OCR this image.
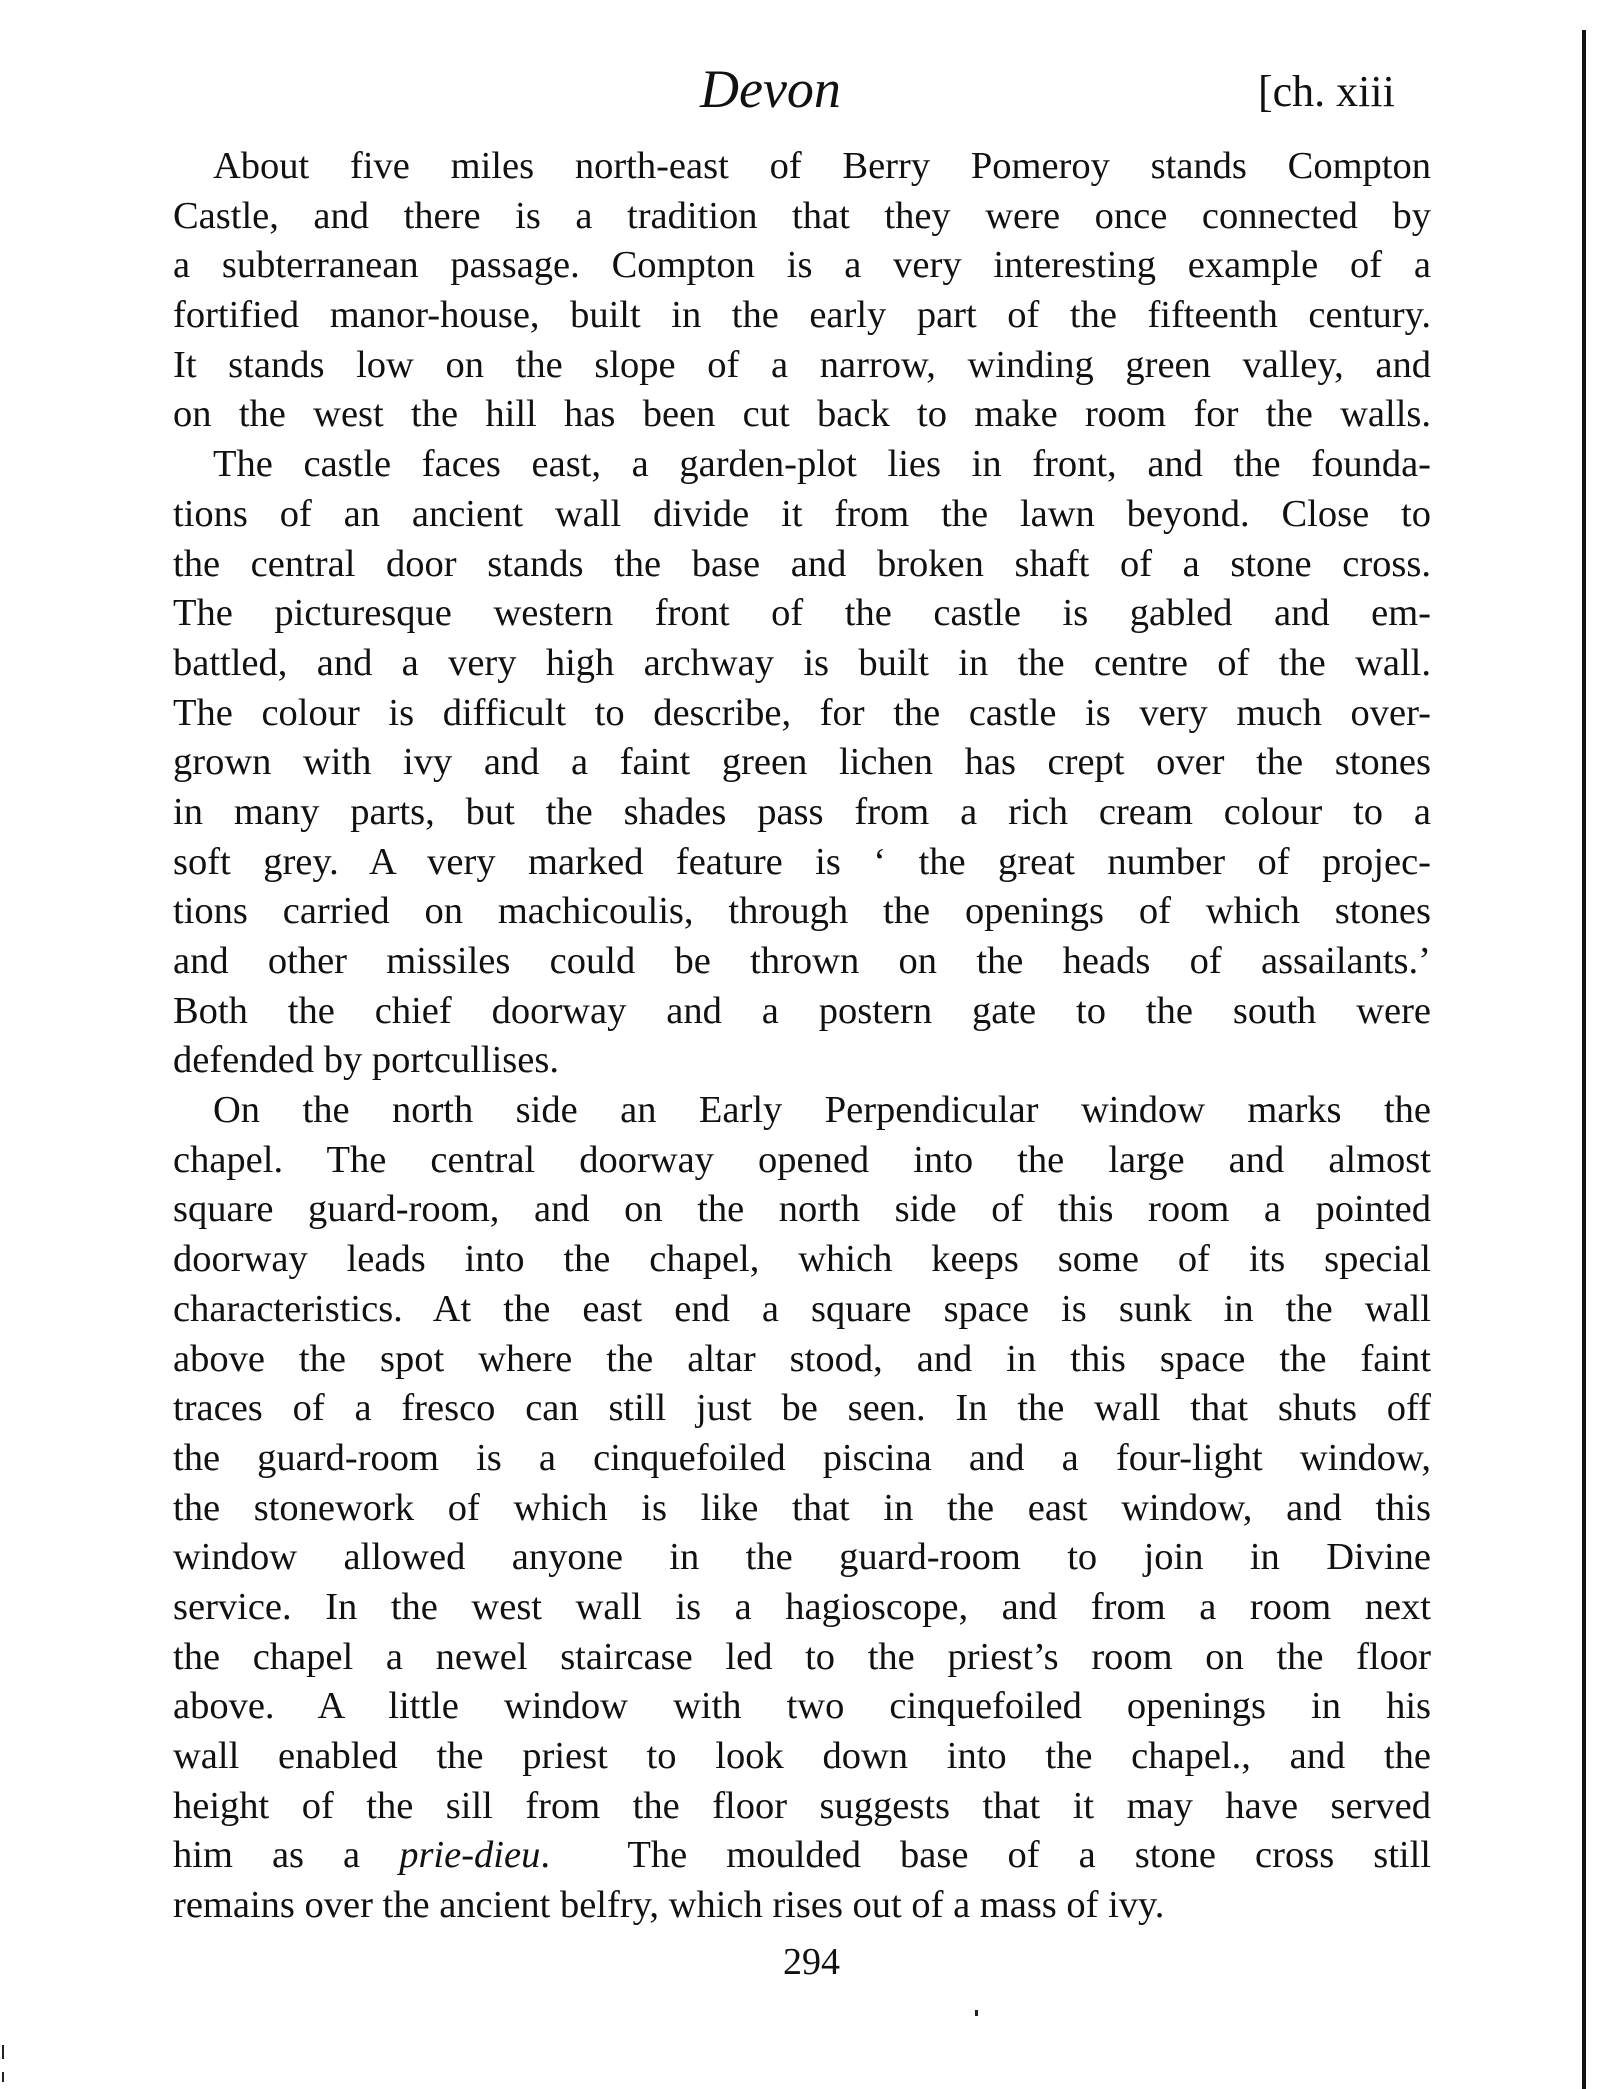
Devon	[ch. xiii
About five miles north-east of Berry Pomeroy stands Compton
Castle, and there is a tradition that they were once connected by
a subterranean passage. Compton is a very interesting example of a
fortified manor-house, built in the early part of the fifteenth century.
It stands low on the slope of a narrow, winding green valley, and
on the west the hill has been cut back to make room for the walls.
The castle faces east, a garden-plot lies in front, and the founda-
tions of an ancient wall divide it from the lawn beyond. Close to
the central door stands the base and broken shaft of a stone cross.
The picturesque western front of the castle is gabled and em-
battled, and a very high archway is built in the centre of the wall.
The colour is difficult to describe, for the castle is very much over-
grown with ivy and a faint green lichen has crept over the stones
in many parts, but the shades pass from a rich cream colour to a
soft grey. A very marked feature is ‘ the great number of projec-
tions carried on machicoulis, through the openings of which stones
and other missiles could be thrown on the heads of assailants.’
Both the chief doorway and a postern gate to the south were
defended by portcullises.
On the north side an Early Perpendicular window marks the
chapel. The central doorway opened into the large and almost
square guard-room, and on the north side of this room a pointed
doorway leads into the chapel, which keeps some of its special
characteristics. At the east end a square space is sunk in the wall
above the spot where the altar stood, and in this space the faint
traces of a fresco can still just be seen. In the wall that shuts off
the guard-room is a cinquefoiled piscina and a four-light window,
the stonework of which is like that in the east window, and this
window allowed anyone in the guard-room to join in Divine
service. In the west wall is a hagioscope, and from a room next
the chapel a newel staircase led to the priest’s room on the floor
above. A little window with two cinquefoiled openings in his
wall enabled the priest to look down into the chapel., and the
height of the sill from the floor suggests that it may have served
him as a prie-dieu.  The moulded base of a stone cross still
remains over the ancient belfry, which rises out of a mass of ivy.
294
